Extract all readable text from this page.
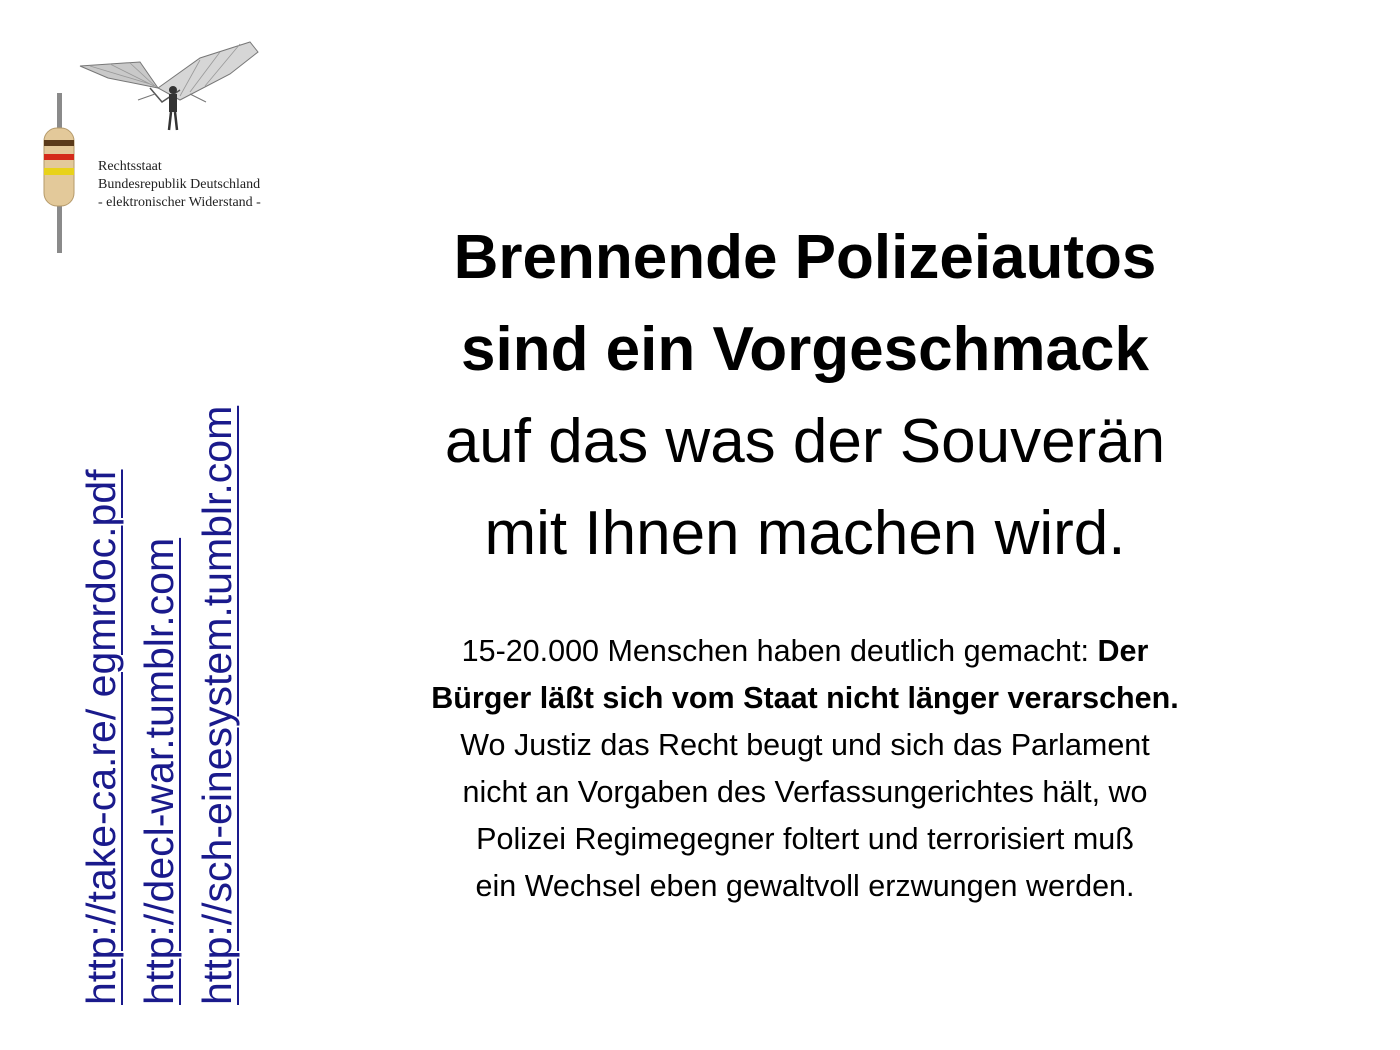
Rechtsstaat
Bundesrepublik Deutschland
- elektronischer Widerstand -
http://take-ca.re/ egmrdoc.pdf http://decl-war.tumblr.com http://sch-einesystem.tumblr.com
Brennende Polizeiautos
sind ein Vorgeschmack
auf das was der Souverän
mit Ihnen machen wird.
15-20.000 Menschen haben deutlich gemacht: Der
Bürger läßt sich vom Staat nicht länger verarschen.
Wo Justiz das Recht beugt und sich das Parlament
nicht an Vorgaben des Verfassungerichtes hält, wo
Polizei Regimegegner foltert und terrorisiert muß
ein Wechsel eben gewaltvoll erzwungen werden.
